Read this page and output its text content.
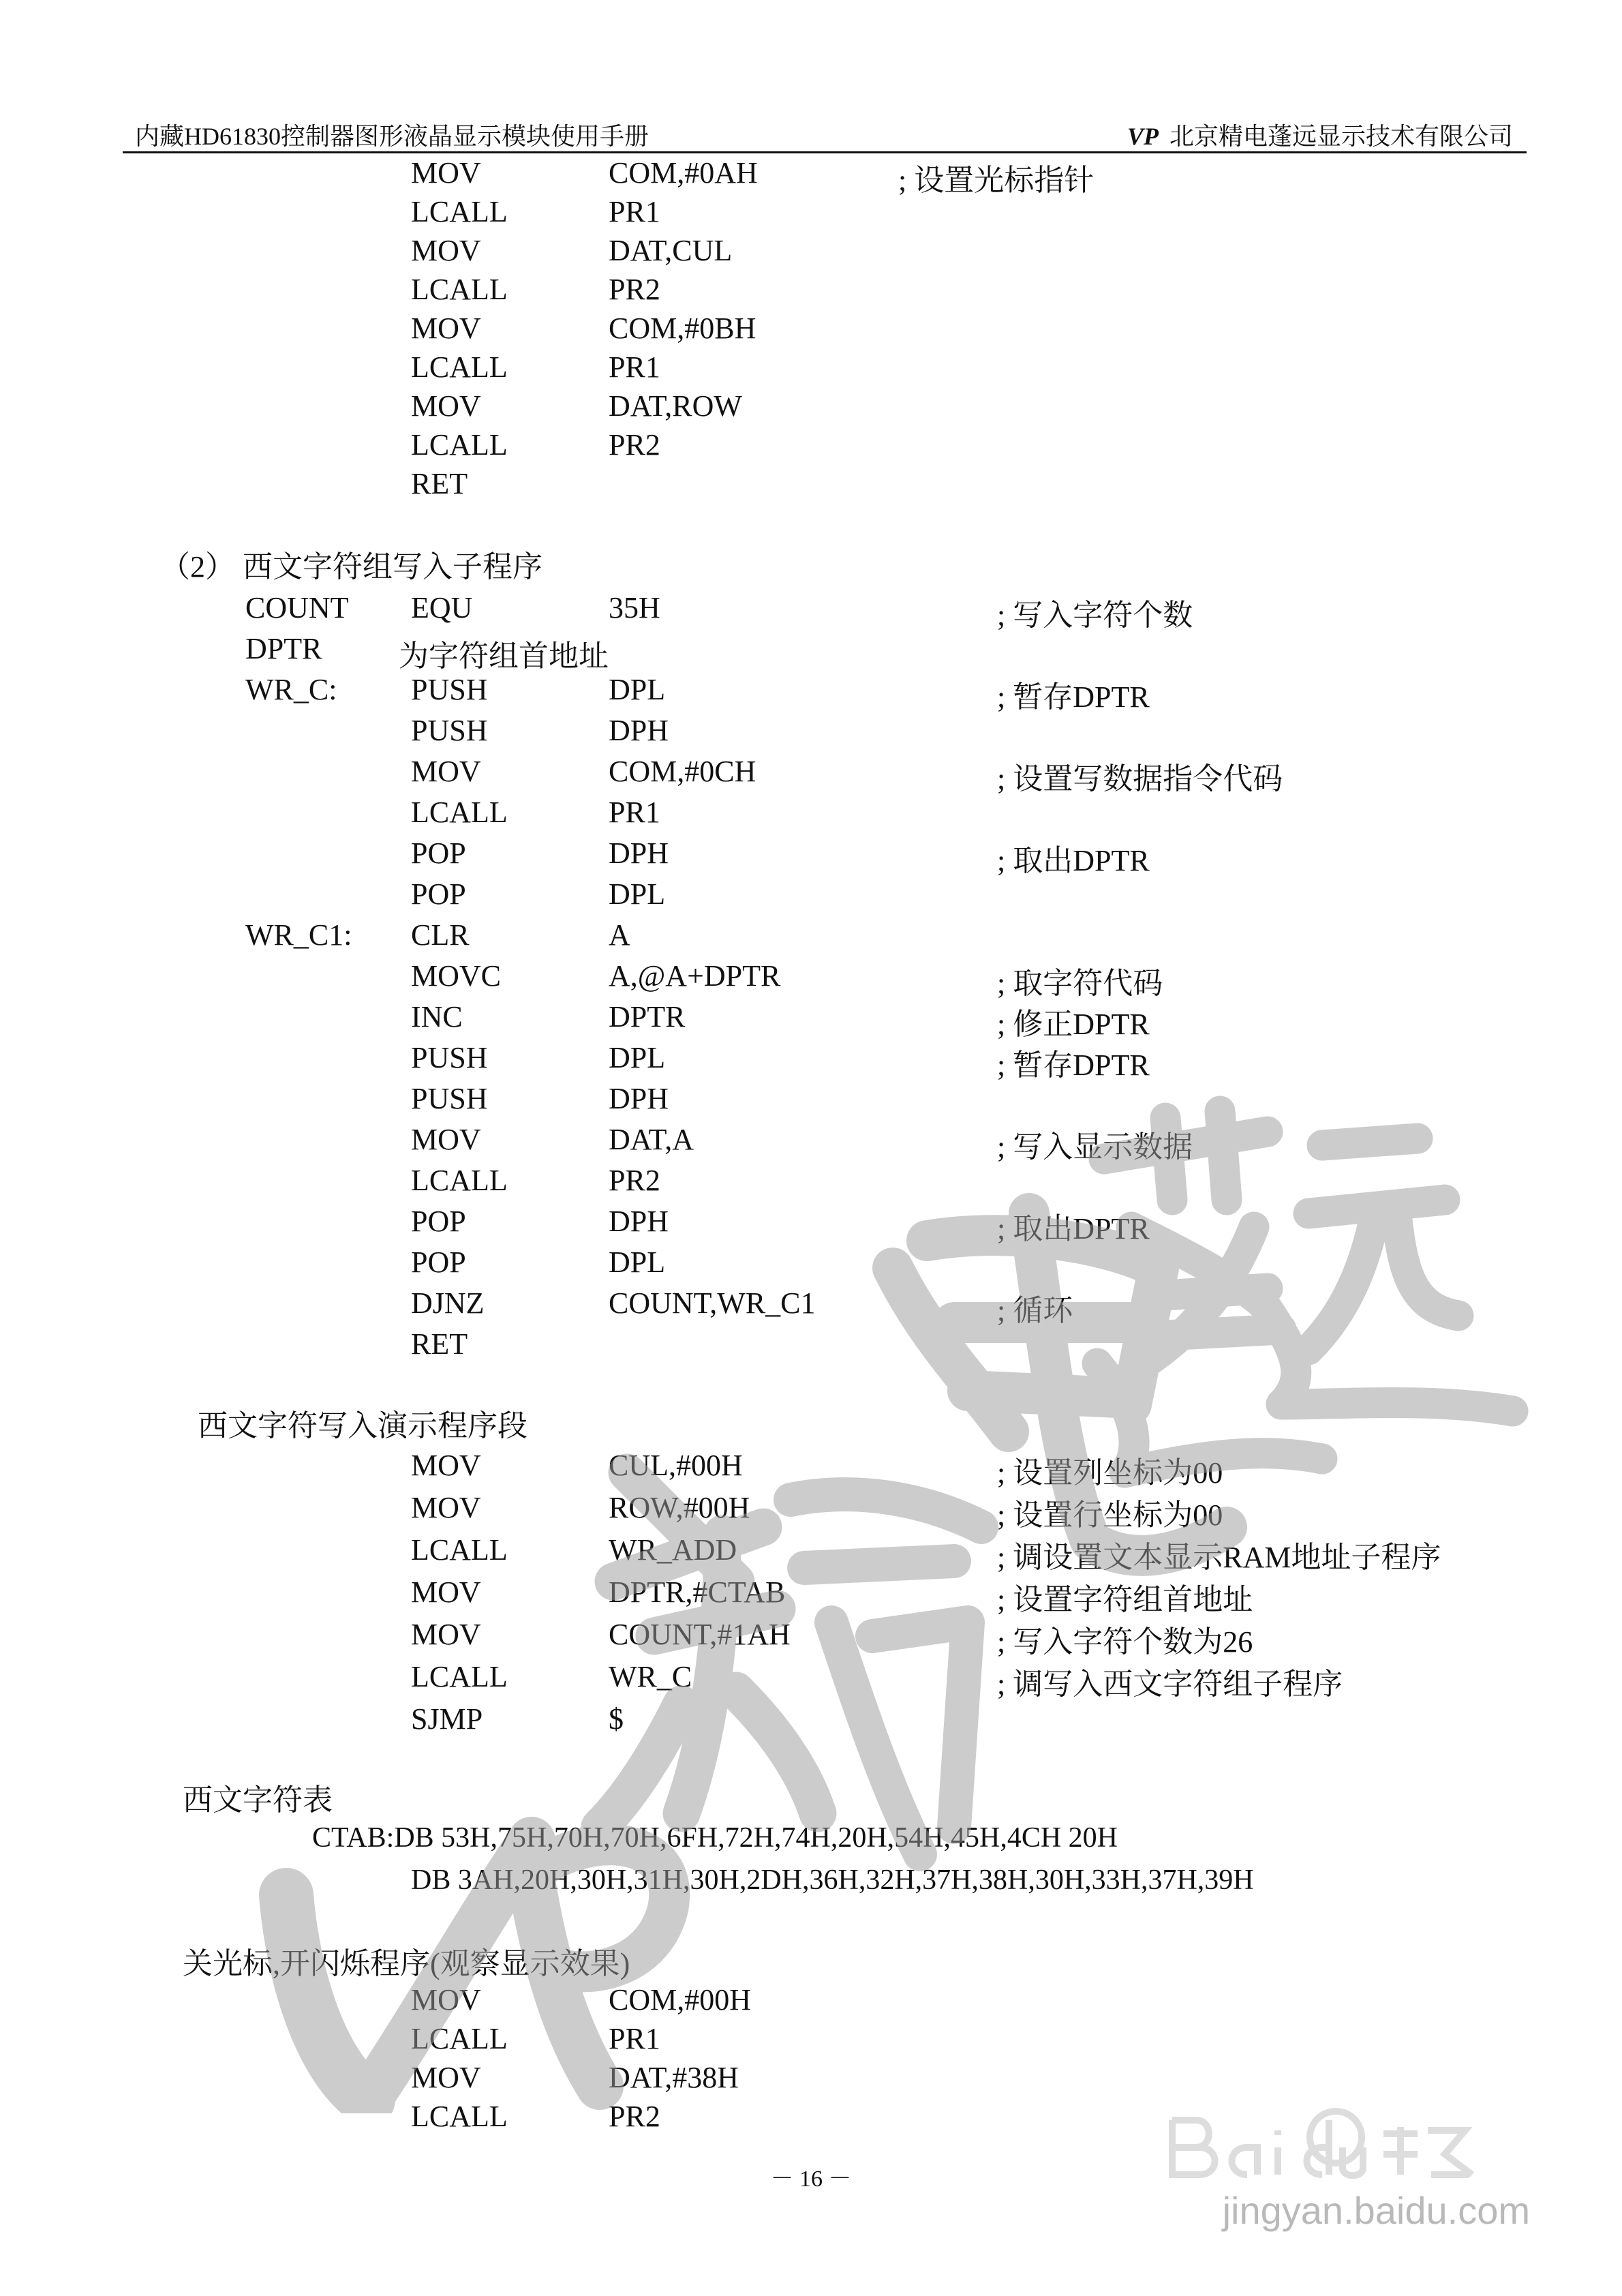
内藏HD61830控制器图形液晶显示模块使用手册	VP 北京精电蓬远显示技术有限公司
MOV	COM,#0AH	; 设置光标指针
LCALL	PR1
MOV	DAT,CUL
LCALL	PR2
MOV	COM,#0BH
LCALL	PR1
MOV	DAT,ROW
LCALL	PR2
RET
（2） 西文字符组写入子程序
COUNT EQU	35H	; 写入字符个数
DPTR	为字符组首地址
WR_C: PUSH	DPL	; 暂存DPTR
PUSH	DPH
MOV	COM,#0CH	; 设置写数据指令代码
LCALL	PR1
POP	DPH	; 取出DPTR
POP	DPL
WR_C1: CLR	A
MOVC	A,@A+DPTR	; 取字符代码
INC	DPTR	; 修正DPTR
PUSH	DPL	; 暂存DPTR
PUSH	DPH
MOV	DAT,A	; 写入显示数据
LCALL	PR2
POP	DPH	; 取出DPTR
POP	DPL
DJNZ	COUNT,WR_C1	; 循环
RET
西文字符写入演示程序段
MOV	CUL,#00H	; 设置列坐标为00
MOV	ROW,#00H	; 设置行坐标为00
LCALL	WR_ADD	; 调设置文本显示RAM地址子程序
MOV	DPTR,#CTAB	; 设置字符组首地址
MOV	COUNT,#1AH	; 写入字符个数为26
LCALL	WR_C	; 调写入西文字符组子程序
SJMP	$
西文字符表
CTAB:DB 53H,75H,70H,70H,6FH,72H,74H,20H,54H,45H,4CH 20H
DB 3AH,20H,30H,31H,30H,2DH,36H,32H,37H,38H,30H,33H,37H,39H
关光标,开闪烁程序(观察显示效果)
MOV	COM,#00H
LCALL	PR1
MOV	DAT,#38H
LCALL	PR2
－ 16 －
jingyan.baidu.com
